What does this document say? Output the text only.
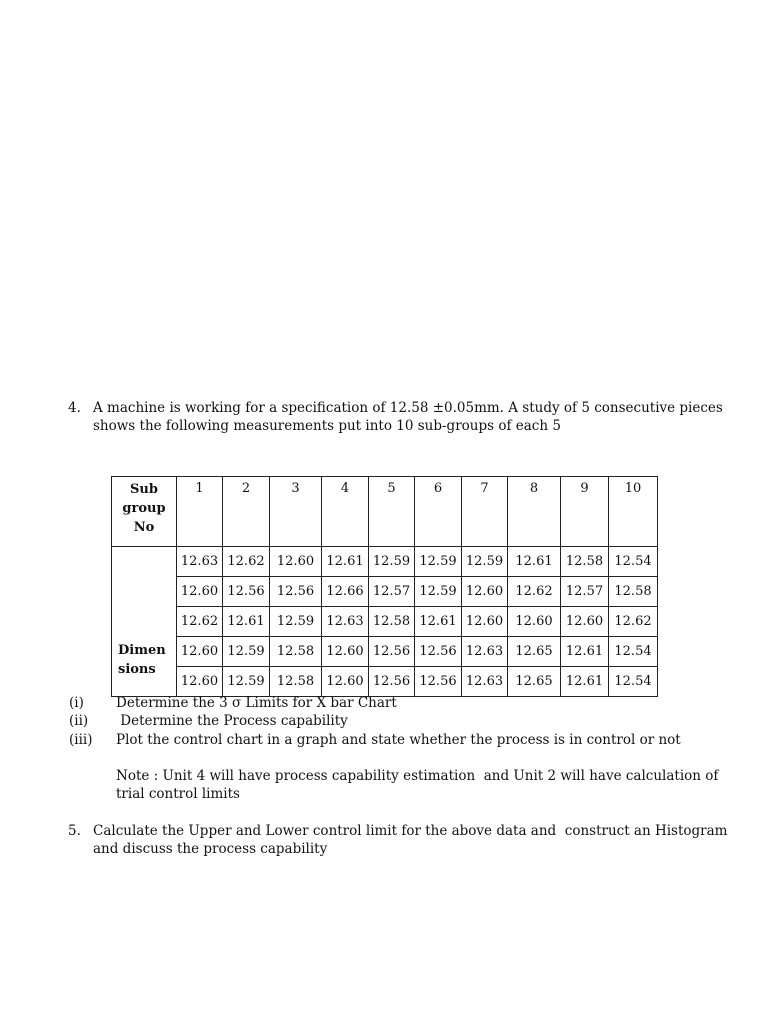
4. A machine is working for a specification of 12.58 ±0.05mm. A study of 5 consecutive pieces
shows the following measurements put into 10 sub-groups of each 5
Sub
group
No	1	2	3	4	5	6	7	8	9	10
	12.63	12.62	12.60	12.61	12.59	12.59	12.59	12.61	12.58	12.54
	12.60	12.56	12.56	12.66	12.57	12.59	12.60	12.62	12.57	12.58
	12.62	12.61	12.59	12.63	12.58	12.61	12.60	12.60	12.60	12.62

Dimen
sions	12.60	12.59	12.58	12.60	12.56	12.56	12.63	12.65	12.61	12.54
	12.60	12.59	12.58	12.60	12.56	12.56	12.63	12.65	12.61	12.54
(i) Determine the 3 σ Limits for X bar Chart
(ii) Determine the Process capability
(iii) Plot the control chart in a graph and state whether the process is in control or not
Note : Unit 4 will have process capability estimation  and Unit 2 will have calculation of
trial control limits
5. Calculate the Upper and Lower control limit for the above data and  construct an Histogram
and discuss the process capability
